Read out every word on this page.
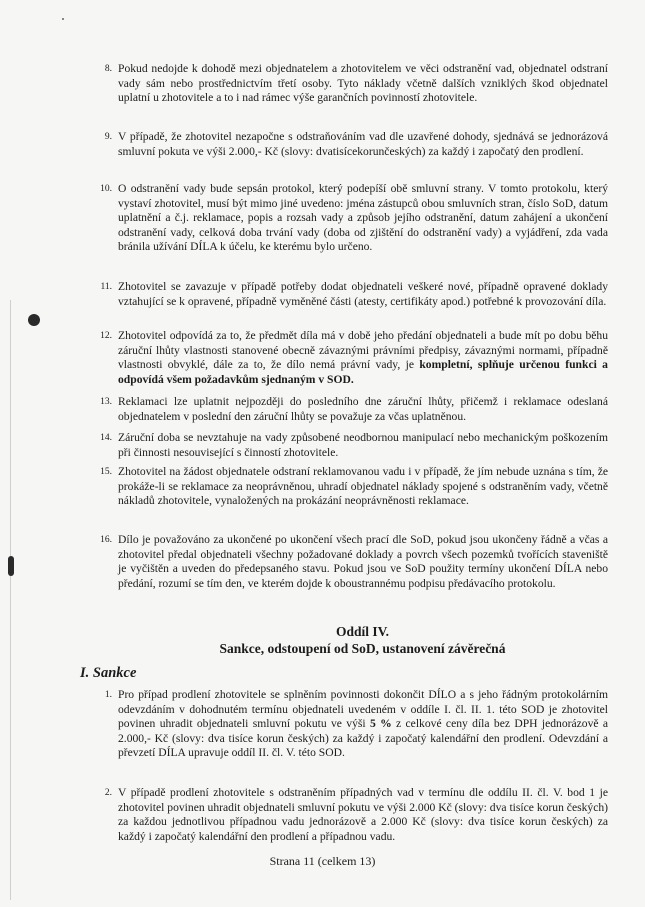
8. Pokud nedojde k dohodě mezi objednatelem a zhotovitelem ve věci odstranění vad, objednatel odstraní vady sám nebo prostřednictvím třetí osoby. Tyto náklady včetně dalších vzniklých škod objednatel uplatní u zhotovitele a to i nad rámec výše garančních povinností zhotovitele.

9. V případě, že zhotovitel nezapočne s odstraňováním vad dle uzavřené dohody, sjednává se jednorázová smluvní pokuta ve výši 2.000,- Kč (slovy: dvatisícekorunčeských) za každý i započatý den prodlení.

10. O odstranění vady bude sepsán protokol, který podepíší obě smluvní strany. V tomto protokolu, který vystaví zhotovitel, musí být mimo jiné uvedeno: jména zástupců obou smluvních stran, číslo SoD, datum uplatnění a č.j. reklamace, popis a rozsah vady a způsob jejího odstranění, datum zahájení a ukončení odstranění vady, celková doba trvání vady (doba od zjištění do odstranění vady) a vyjádření, zda vada bránila užívání DÍLA k účelu, ke kterému bylo určeno.

11. Zhotovitel se zavazuje v případě potřeby dodat objednateli veškeré nové, případně opravené doklady vztahující se k opravené, případně vyměněné části (atesty, certifikáty apod.) potřebné k provozování díla.

12. Zhotovitel odpovídá za to, že předmět díla má v době jeho předání objednateli a bude mít po dobu běhu záruční lhůty vlastnosti stanovené obecně závaznými právními předpisy, závaznými normami, případně vlastnosti obvyklé, dále za to, že dílo nemá právní vady, je kompletní, splňuje určenou funkci a odpovídá všem požadavkům sjednaným v SOD.

13. Reklamaci lze uplatnit nejpozději do posledního dne záruční lhůty, přičemž i reklamace odeslaná objednatelem v poslední den záruční lhůty se považuje za včas uplatněnou.

14. Záruční doba se nevztahuje na vady způsobené neodbornou manipulací nebo mechanickým poškozením při činnosti nesouvisející s činností zhotovitele.

15. Zhotovitel na žádost objednatele odstraní reklamovanou vadu i v případě, že jím nebude uznána s tím, že prokáže-li se reklamace za neoprávněnou, uhradí objednatel náklady spojené s odstraněním vady, včetně nákladů zhotovitele, vynaložených na prokázání neoprávněnosti reklamace.

16. Dílo je považováno za ukončené po ukončení všech prací dle SoD, pokud jsou ukončeny řádně a včas a zhotovitel předal objednateli všechny požadované doklady a povrch všech pozemků tvořících staveniště je vyčištěn a uveden do předepsaného stavu. Pokud jsou ve SoD použity termíny ukončení DÍLA nebo předání, rozumí se tím den, ve kterém dojde k oboustrannému podpisu předávacího protokolu.

Oddíl IV.
Sankce, odstoupení od SoD, ustanovení závěrečná
I. Sankce
1. Pro případ prodlení zhotovitele se splněním povinnosti dokončit DÍLO a s jeho řádným protokolárním odevzdáním v dohodnutém termínu objednateli uvedeném v oddíle I. čl. II. 1. této SOD je zhotovitel povinen uhradit objednateli smluvní pokutu ve výši 5 % z celkové ceny díla bez DPH jednorázově a 2.000,- Kč (slovy: dva tisíce korun českých) za každý i započatý kalendářní den prodlení. Odevzdání a převzetí DÍLA upravuje oddíl II. čl. V. této SOD.

2. V případě prodlení zhotovitele s odstraněním případných vad v termínu dle oddílu II. čl. V. bod 1 je zhotovitel povinen uhradit objednateli smluvní pokutu ve výši 2.000 Kč (slovy: dva tisíce korun českých) za každou jednotlivou případnou vadu jednorázově a 2.000 Kč (slovy: dva tisíce korun českých) za každý i započatý kalendářní den prodlení a případnou vadu.

Strana 11 (celkem 13)
